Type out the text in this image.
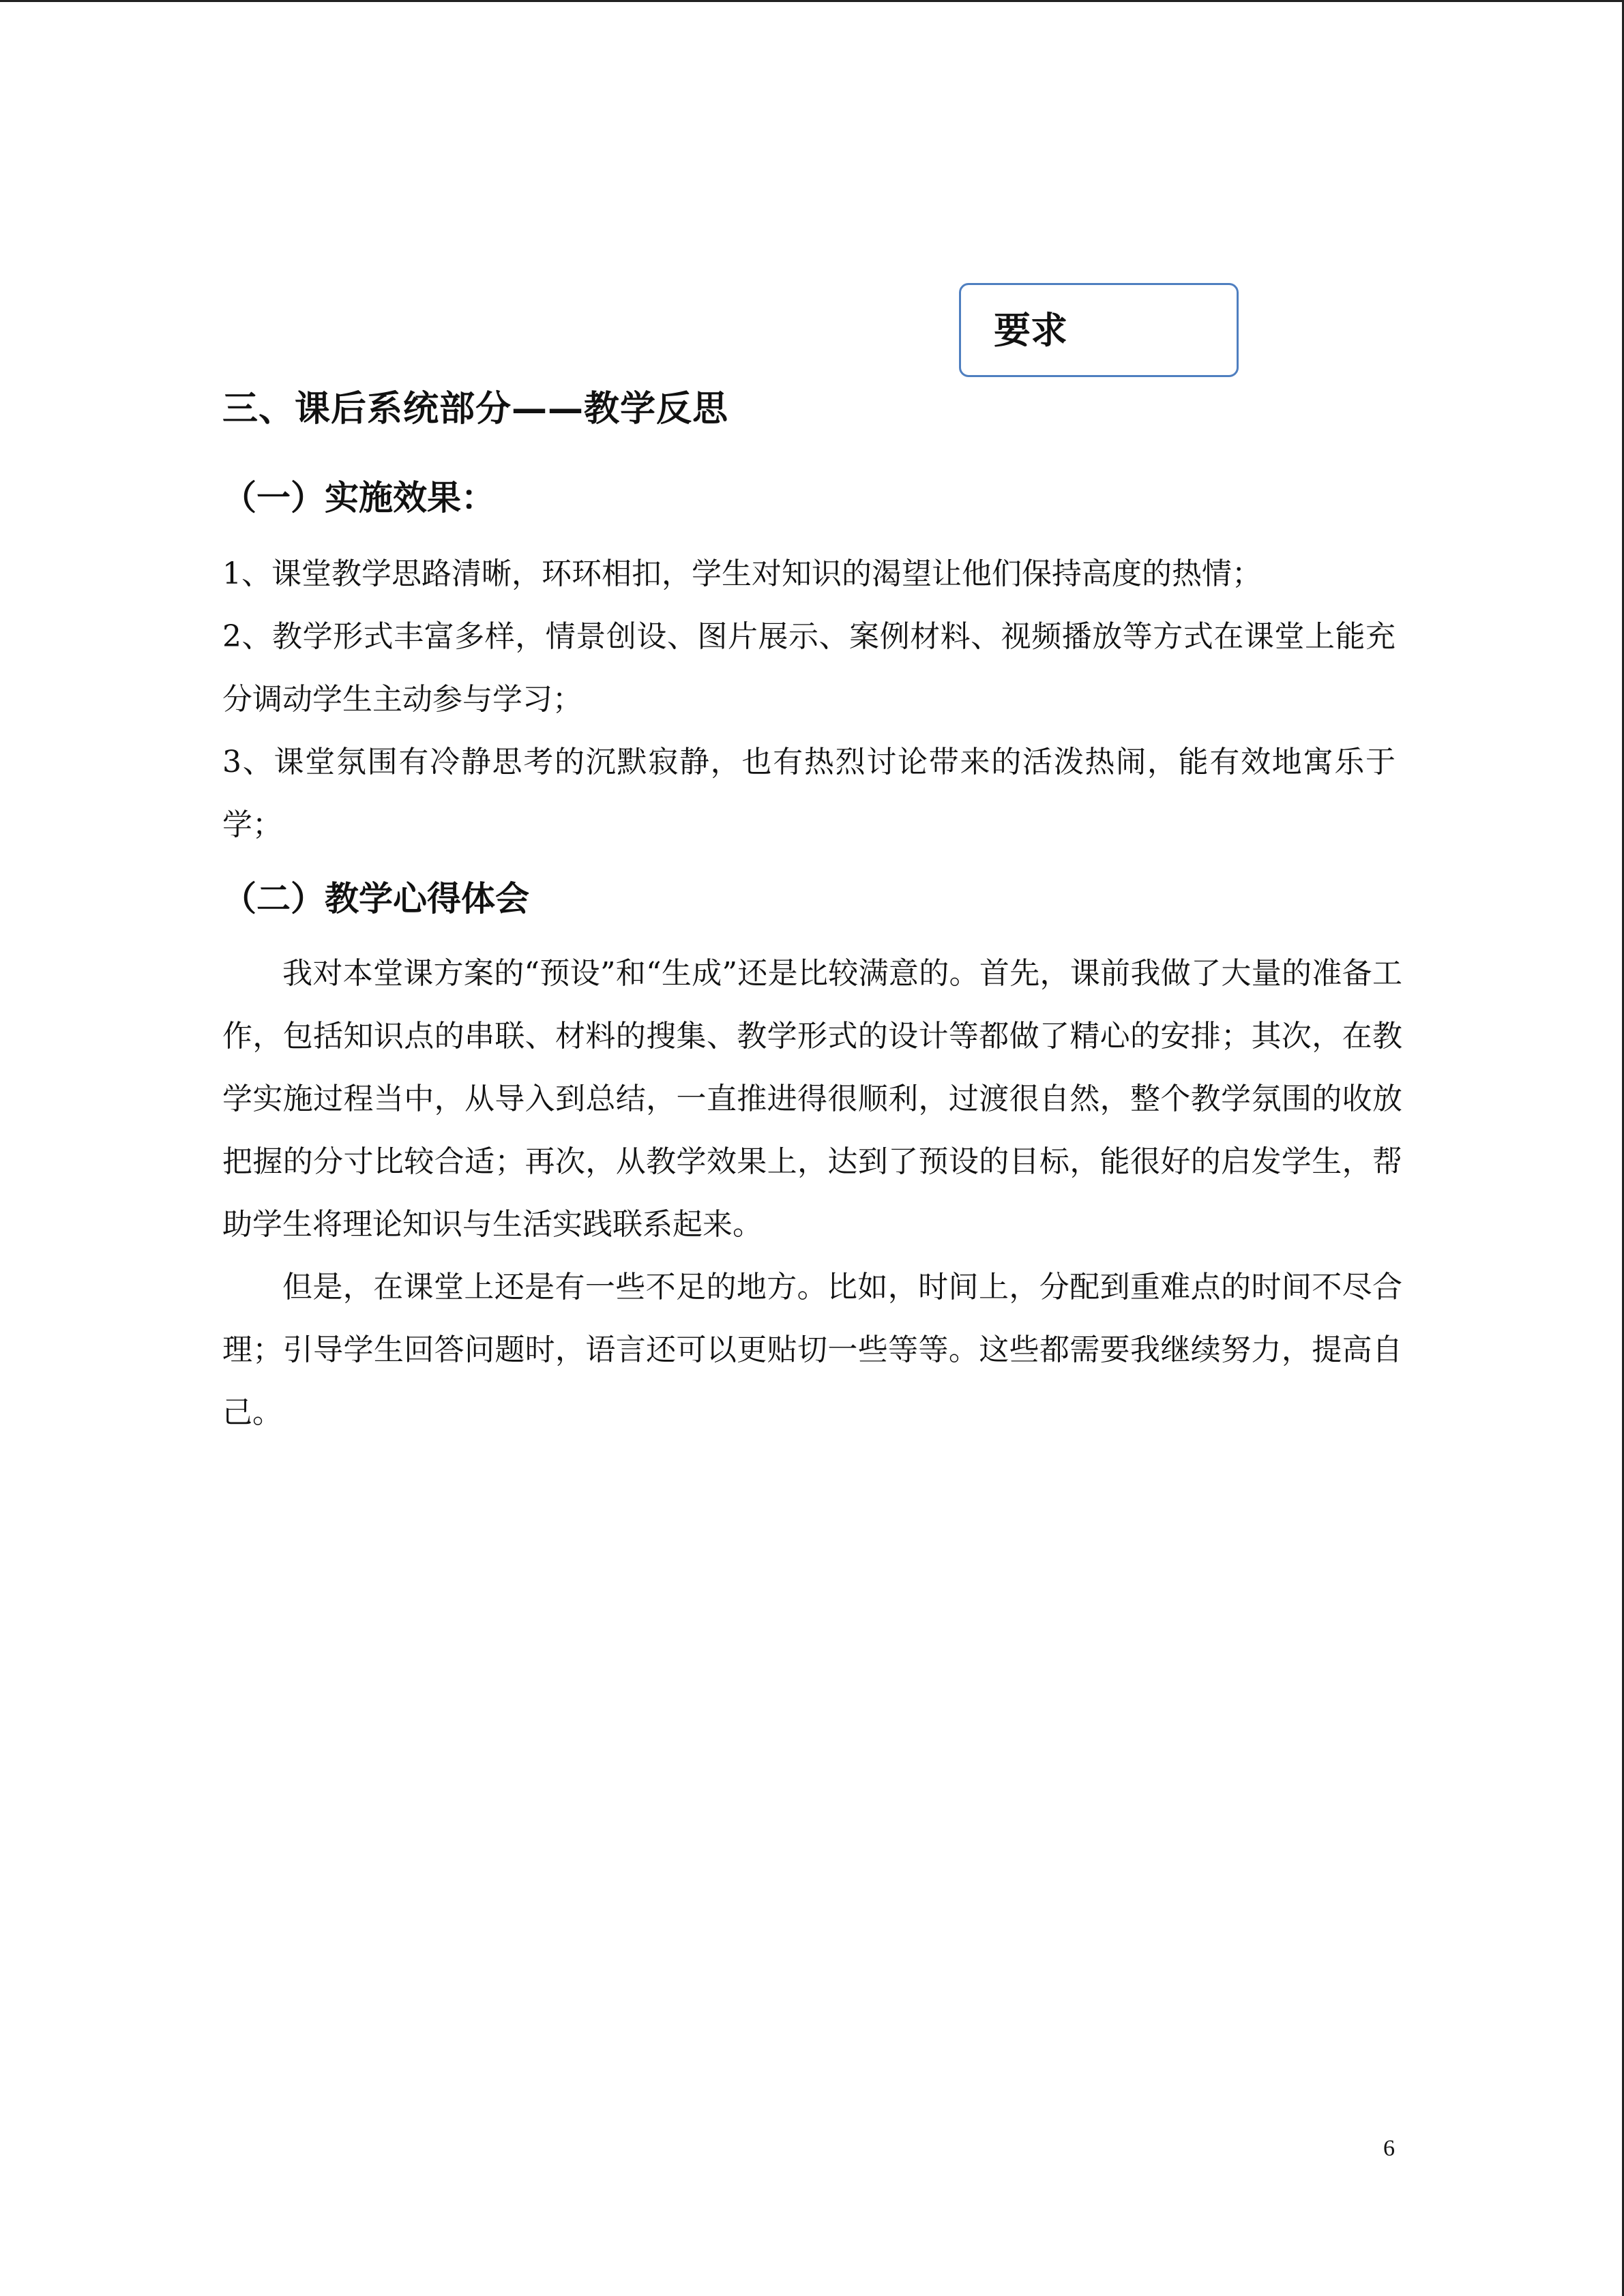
要求
三、课后系统部分——教学反思
（一）实施效果：
1、课堂教学思路清晰，环环相扣，学生对知识的渴望让他们保持高度的热情；
2、教学形式丰富多样，情景创设、图片展示、案例材料、视频播放等方式在课堂上能充分调动学生主动参与学习；
3、课堂氛围有冷静思考的沉默寂静，也有热烈讨论带来的活泼热闹，能有效地寓乐于学；
（二）教学心得体会

我对本堂课方案的“预设”和“生成”还是比较满意的。首先，课前我做了大量的准备工作，包括知识点的串联、材料的搜集、教学形式的设计等都做了精心的安排；其次，在教学实施过程当中，从导入到总结，一直推进得很顺利，过渡很自然，整个教学氛围的收放把握的分寸比较合适；再次，从教学效果上，达到了预设的目标，能很好的启发学生，帮助学生将理论知识与生活实践联系起来。

但是，在课堂上还是有一些不足的地方。比如，时间上，分配到重难点的时间不尽合理；引导学生回答问题时，语言还可以更贴切一些等等。这些都需要我继续努力，提高自己。

6
